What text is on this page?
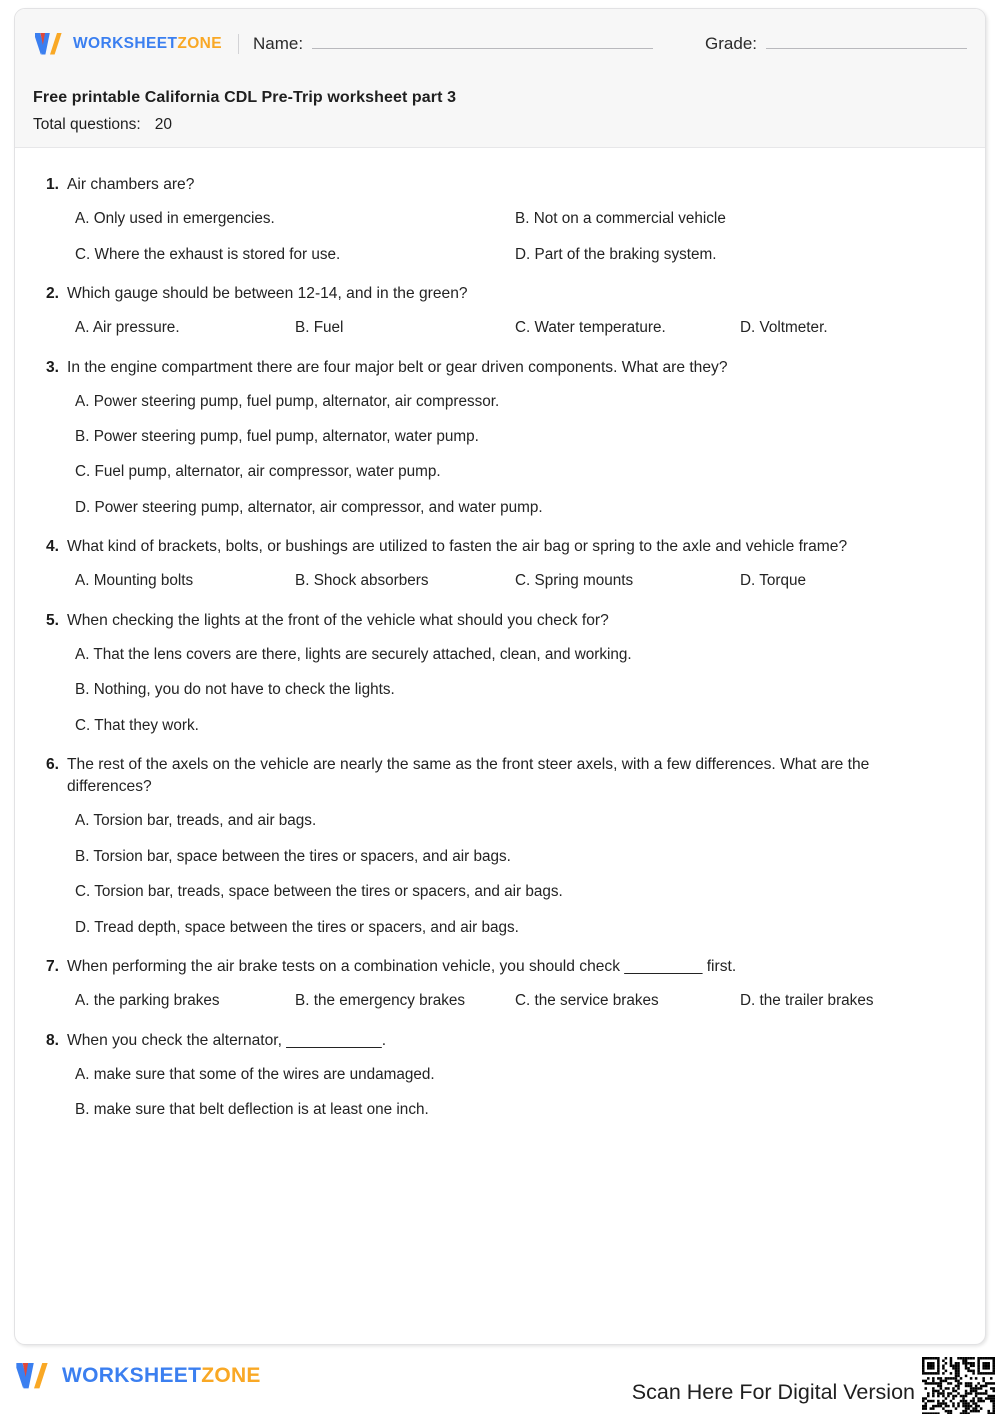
WORKSHEETZONE Name:	Grade:
Free printable California CDL Pre-Trip worksheet part 3
Total questions: 20
1. Air chambers are?
A. Only used in emergencies.	B. Not on a commercial vehicle
C. Where the exhaust is stored for use.	D. Part of the braking system.
2. Which gauge should be between 12-14, and in the green?
A. Air pressure.	B. Fuel	C. Water temperature.	D. Voltmeter.
3. In the engine compartment there are four major belt or gear driven components. What are they?
A. Power steering pump, fuel pump, alternator, air compressor.
B. Power steering pump, fuel pump, alternator, water pump.
C. Fuel pump, alternator, air compressor, water pump.
D. Power steering pump, alternator, air compressor, and water pump.
4. What kind of brackets, bolts, or bushings are utilized to fasten the air bag or spring to the axle and vehicle frame?
A. Mounting bolts	B. Shock absorbers	C. Spring mounts	D. Torque
5. When checking the lights at the front of the vehicle what should you check for?
A. That the lens covers are there, lights are securely attached, clean, and working.
B. Nothing, you do not have to check the lights.
C. That they work.
6. The rest of the axels on the vehicle are nearly the same as the front steer axels, with a few differences. What are the differences?
A. Torsion bar, treads, and air bags.
B. Torsion bar, space between the tires or spacers, and air bags.
C. Torsion bar, treads, space between the tires or spacers, and air bags.
D. Tread depth, space between the tires or spacers, and air bags.
7. When performing the air brake tests on a combination vehicle, you should check _________ first.
A. the parking brakes	B. the emergency brakes	C. the service brakes	D. the trailer brakes
8. When you check the alternator, ___________.
A. make sure that some of the wires are undamaged.
B. make sure that belt deflection is at least one inch.
WORKSHEETZONE
Scan Here For Digital Version
